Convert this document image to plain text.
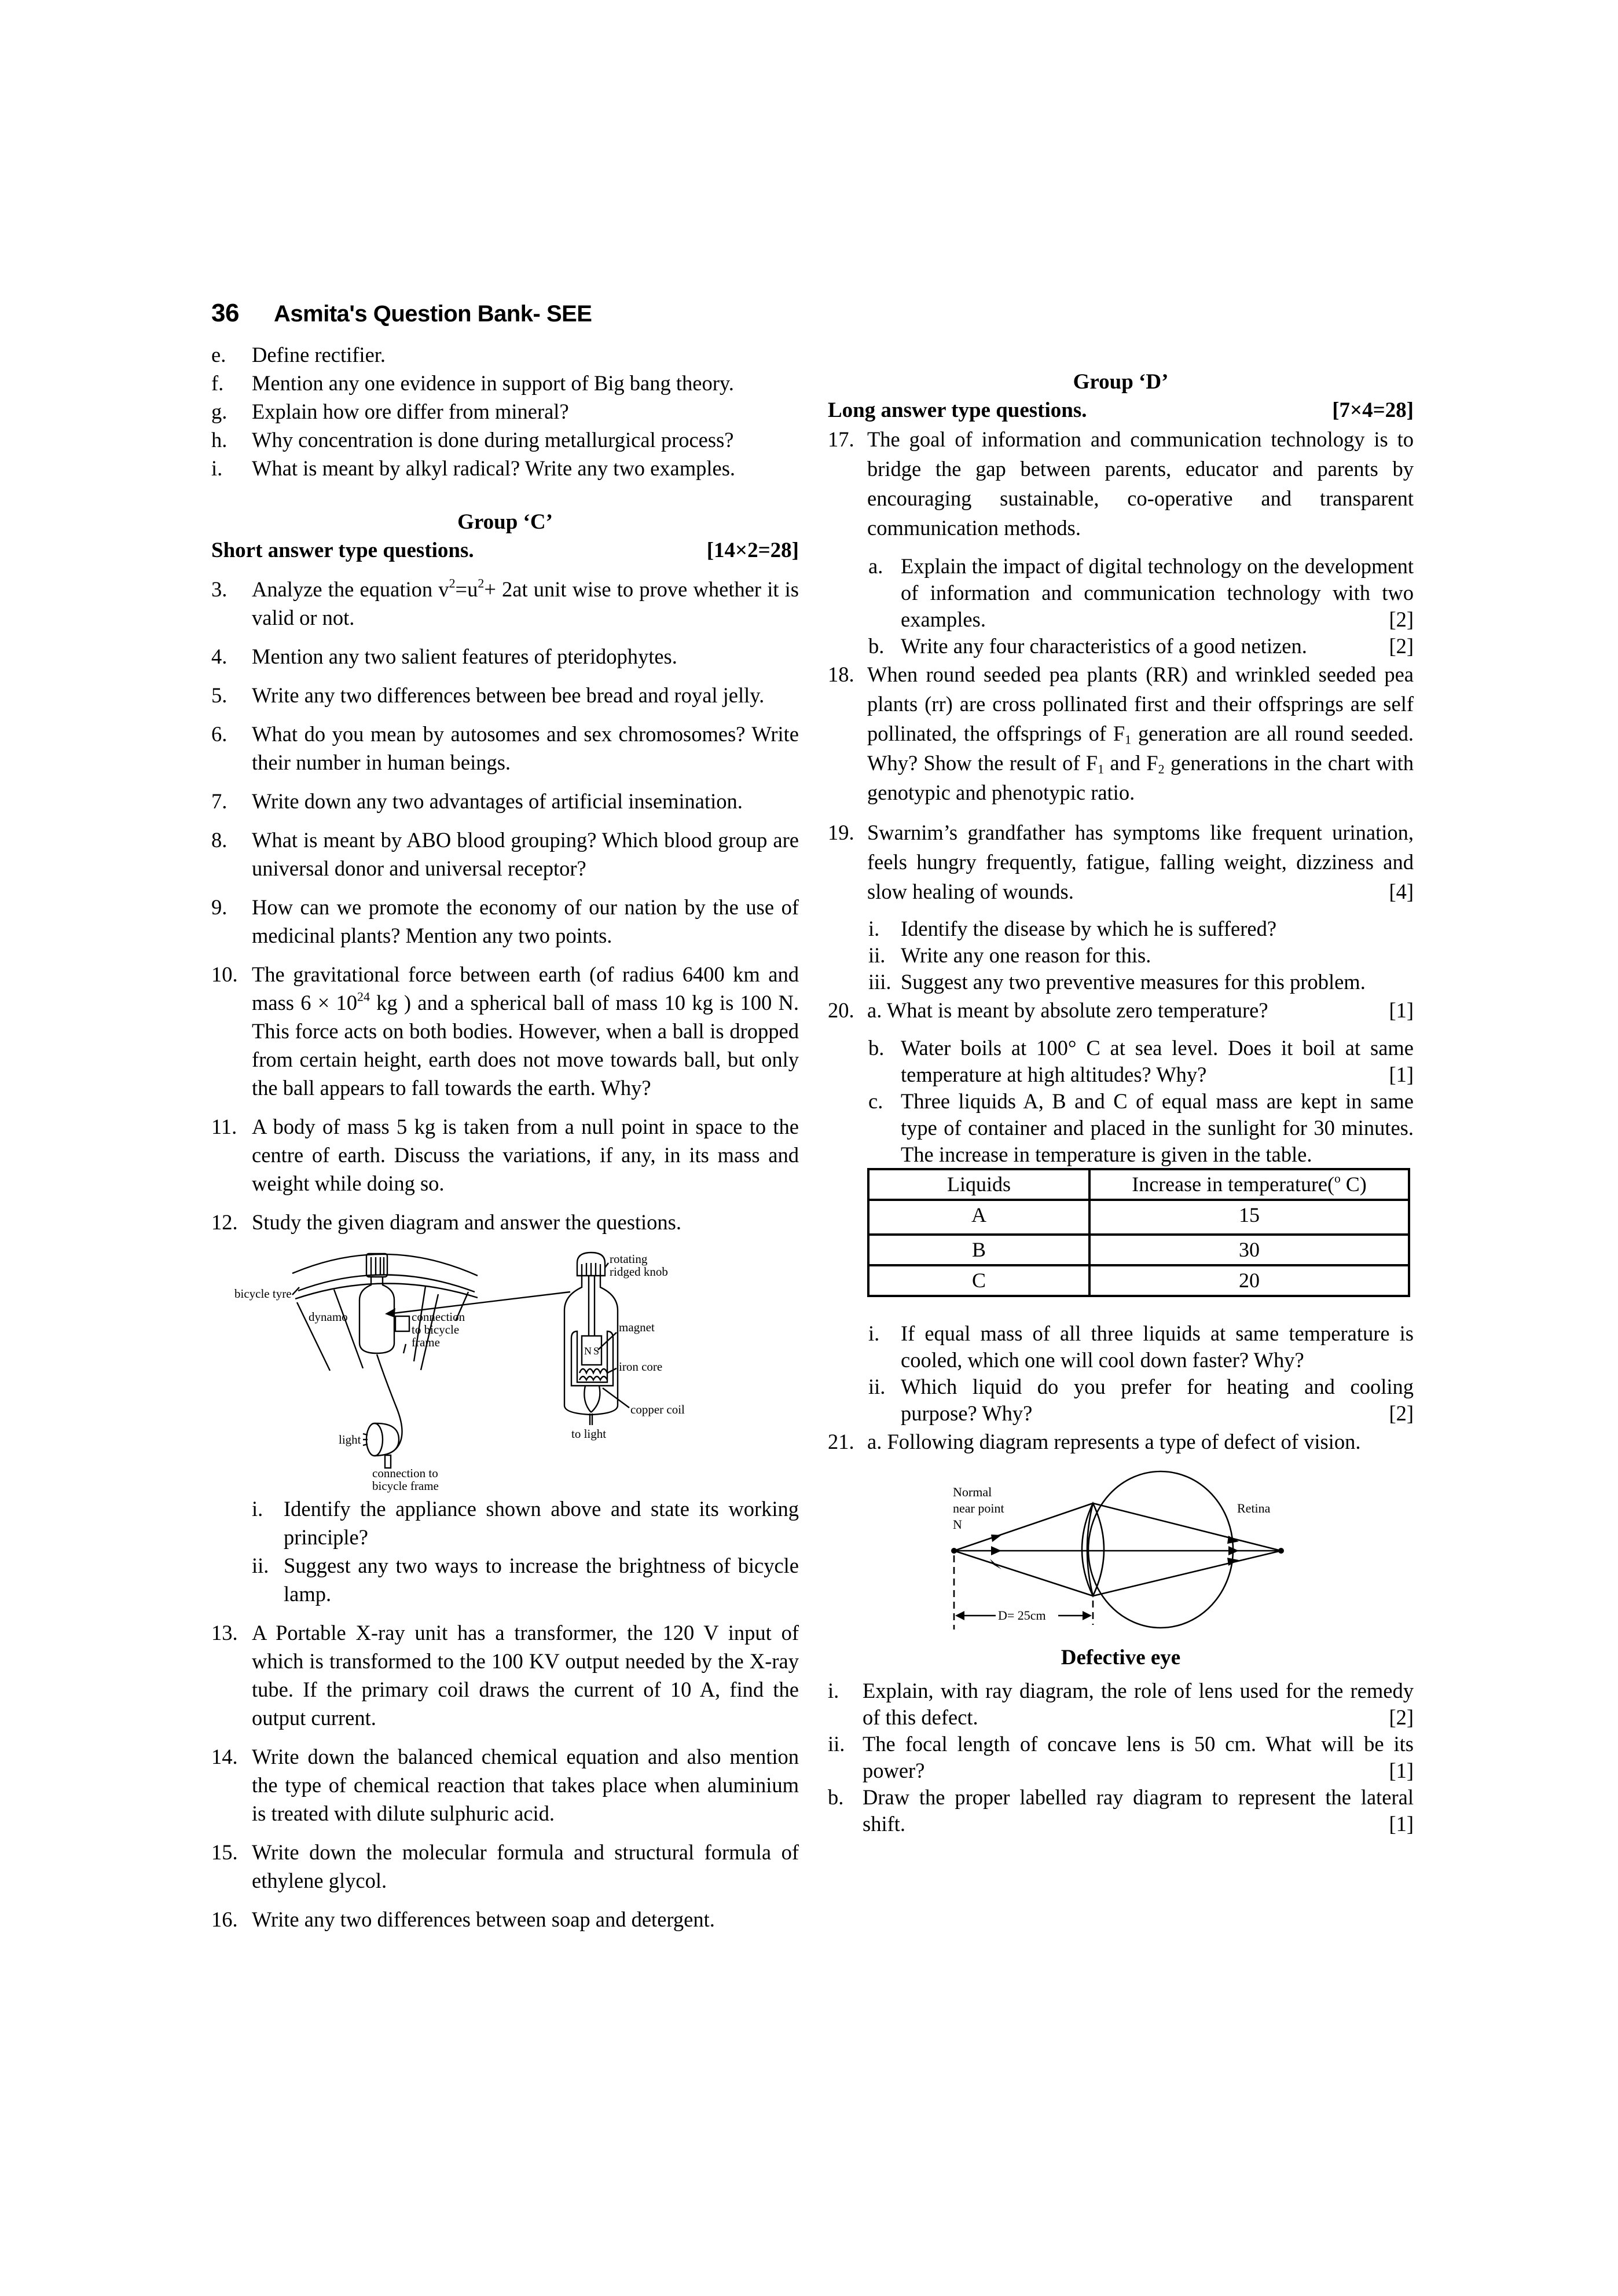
36 Asmita's Question Bank- SEE
e. Define rectifier.
f. Mention any one evidence in support of Big bang theory.
g. Explain how ore differ from mineral?
h. Why concentration is done during metallurgical process?
i. What is meant by alkyl radical? Write any two examples.
Group ‘C’
Short answer type questions.	[14×2=28]
3. Analyze the equation $v^2=u^2+ 2at$ unit wise to prove whether it is valid or not.
4. Mention any two salient features of pteridophytes.
5. Write any two differences between bee bread and royal jelly.
6. What do you mean by autosomes and sex chromosomes? Write their number in human beings.
7. Write down any two advantages of artificial insemination.
8. What is meant by ABO blood grouping? Which blood group are universal donor and universal receptor?
9. How can we promote the economy of our nation by the use of medicinal plants? Mention any two points.
10. The gravitational force between earth (of radius 6400 km and mass $6 \times 10^{24}$ kg ) and a spherical ball of mass 10 kg is 100 N. This force acts on both bodies. However, when a ball is dropped from certain height, earth does not move towards ball, but only the ball appears to fall towards the earth. Why?
11. A body of mass 5 kg is taken from a null point in space to the centre of earth. Discuss the variations, if any, in its mass and weight while doing so.
12. Study the given diagram and answer the questions.
bicycle tyre
dynamo	connection
to bicycle
frame
light
connection to
bicycle frame
rotating
ridged knob
magnet
N S
iron core
copper coil
to light
i. Identify the appliance shown above and state its working principle?
ii. Suggest any two ways to increase the brightness of bicycle lamp.
13. A Portable X-ray unit has a transformer, the 120 V input of which is transformed to the 100 KV output needed by the X-ray tube. If the primary coil draws the current of 10 A, find the output current.
14. Write down the balanced chemical equation and also mention the type of chemical reaction that takes place when aluminium is treated with dilute sulphuric acid.
15. Write down the molecular formula and structural formula of ethylene glycol.
16. Write any two differences between soap and detergent.
Group ‘D’
Long answer type questions.	[7×4=28]
17. The goal of information and communication technology is to bridge the gap between parents, educator and parents by encouraging sustainable, co-operative and transparent communication methods.
a. Explain the impact of digital technology on the development of information and communication technology with two examples.	[2]
b. Write any four characteristics of a good netizen.	[2]
18. When round seeded pea plants (RR) and wrinkled seeded pea plants (rr) are cross pollinated first and their offsprings are self pollinated, the offsprings of $F_1$ generation are all round seeded. Why? Show the result of $F_1$ and $F_2$ generations in the chart with genotypic and phenotypic ratio.
19. Swarnim’s grandfather has symptoms like frequent urination, feels hungry frequently, fatigue, falling weight, dizziness and slow healing of wounds.	[4]
i. Identify the disease by which he is suffered?
ii. Write any one reason for this.
iii. Suggest any two preventive measures for this problem.
20. a. What is meant by absolute zero temperature?	[1]
b. Water boils at 100° C at sea level. Does it boil at same temperature at high altitudes? Why?	[1]
c. Three liquids A, B and C of equal mass are kept in same type of container and placed in the sunlight for 30 minutes. The increase in temperature is given in the table.
Liquids	Increase in temperature($^o$ C)
A	15
B	30
C	20
i. If equal mass of all three liquids at same temperature is cooled, which one will cool down faster? Why?
ii. Which liquid do you prefer for heating and cooling purpose? Why?	[2]
21. a. Following diagram represents a type of defect of vision.
Normal
near point
N
Retina
D= 25cm
Defective eye
i. Explain, with ray diagram, the role of lens used for the remedy of this defect.	[2]
ii. The focal length of concave lens is 50 cm. What will be its power?	[1]
b. Draw the proper labelled ray diagram to represent the lateral shift.	[1]
